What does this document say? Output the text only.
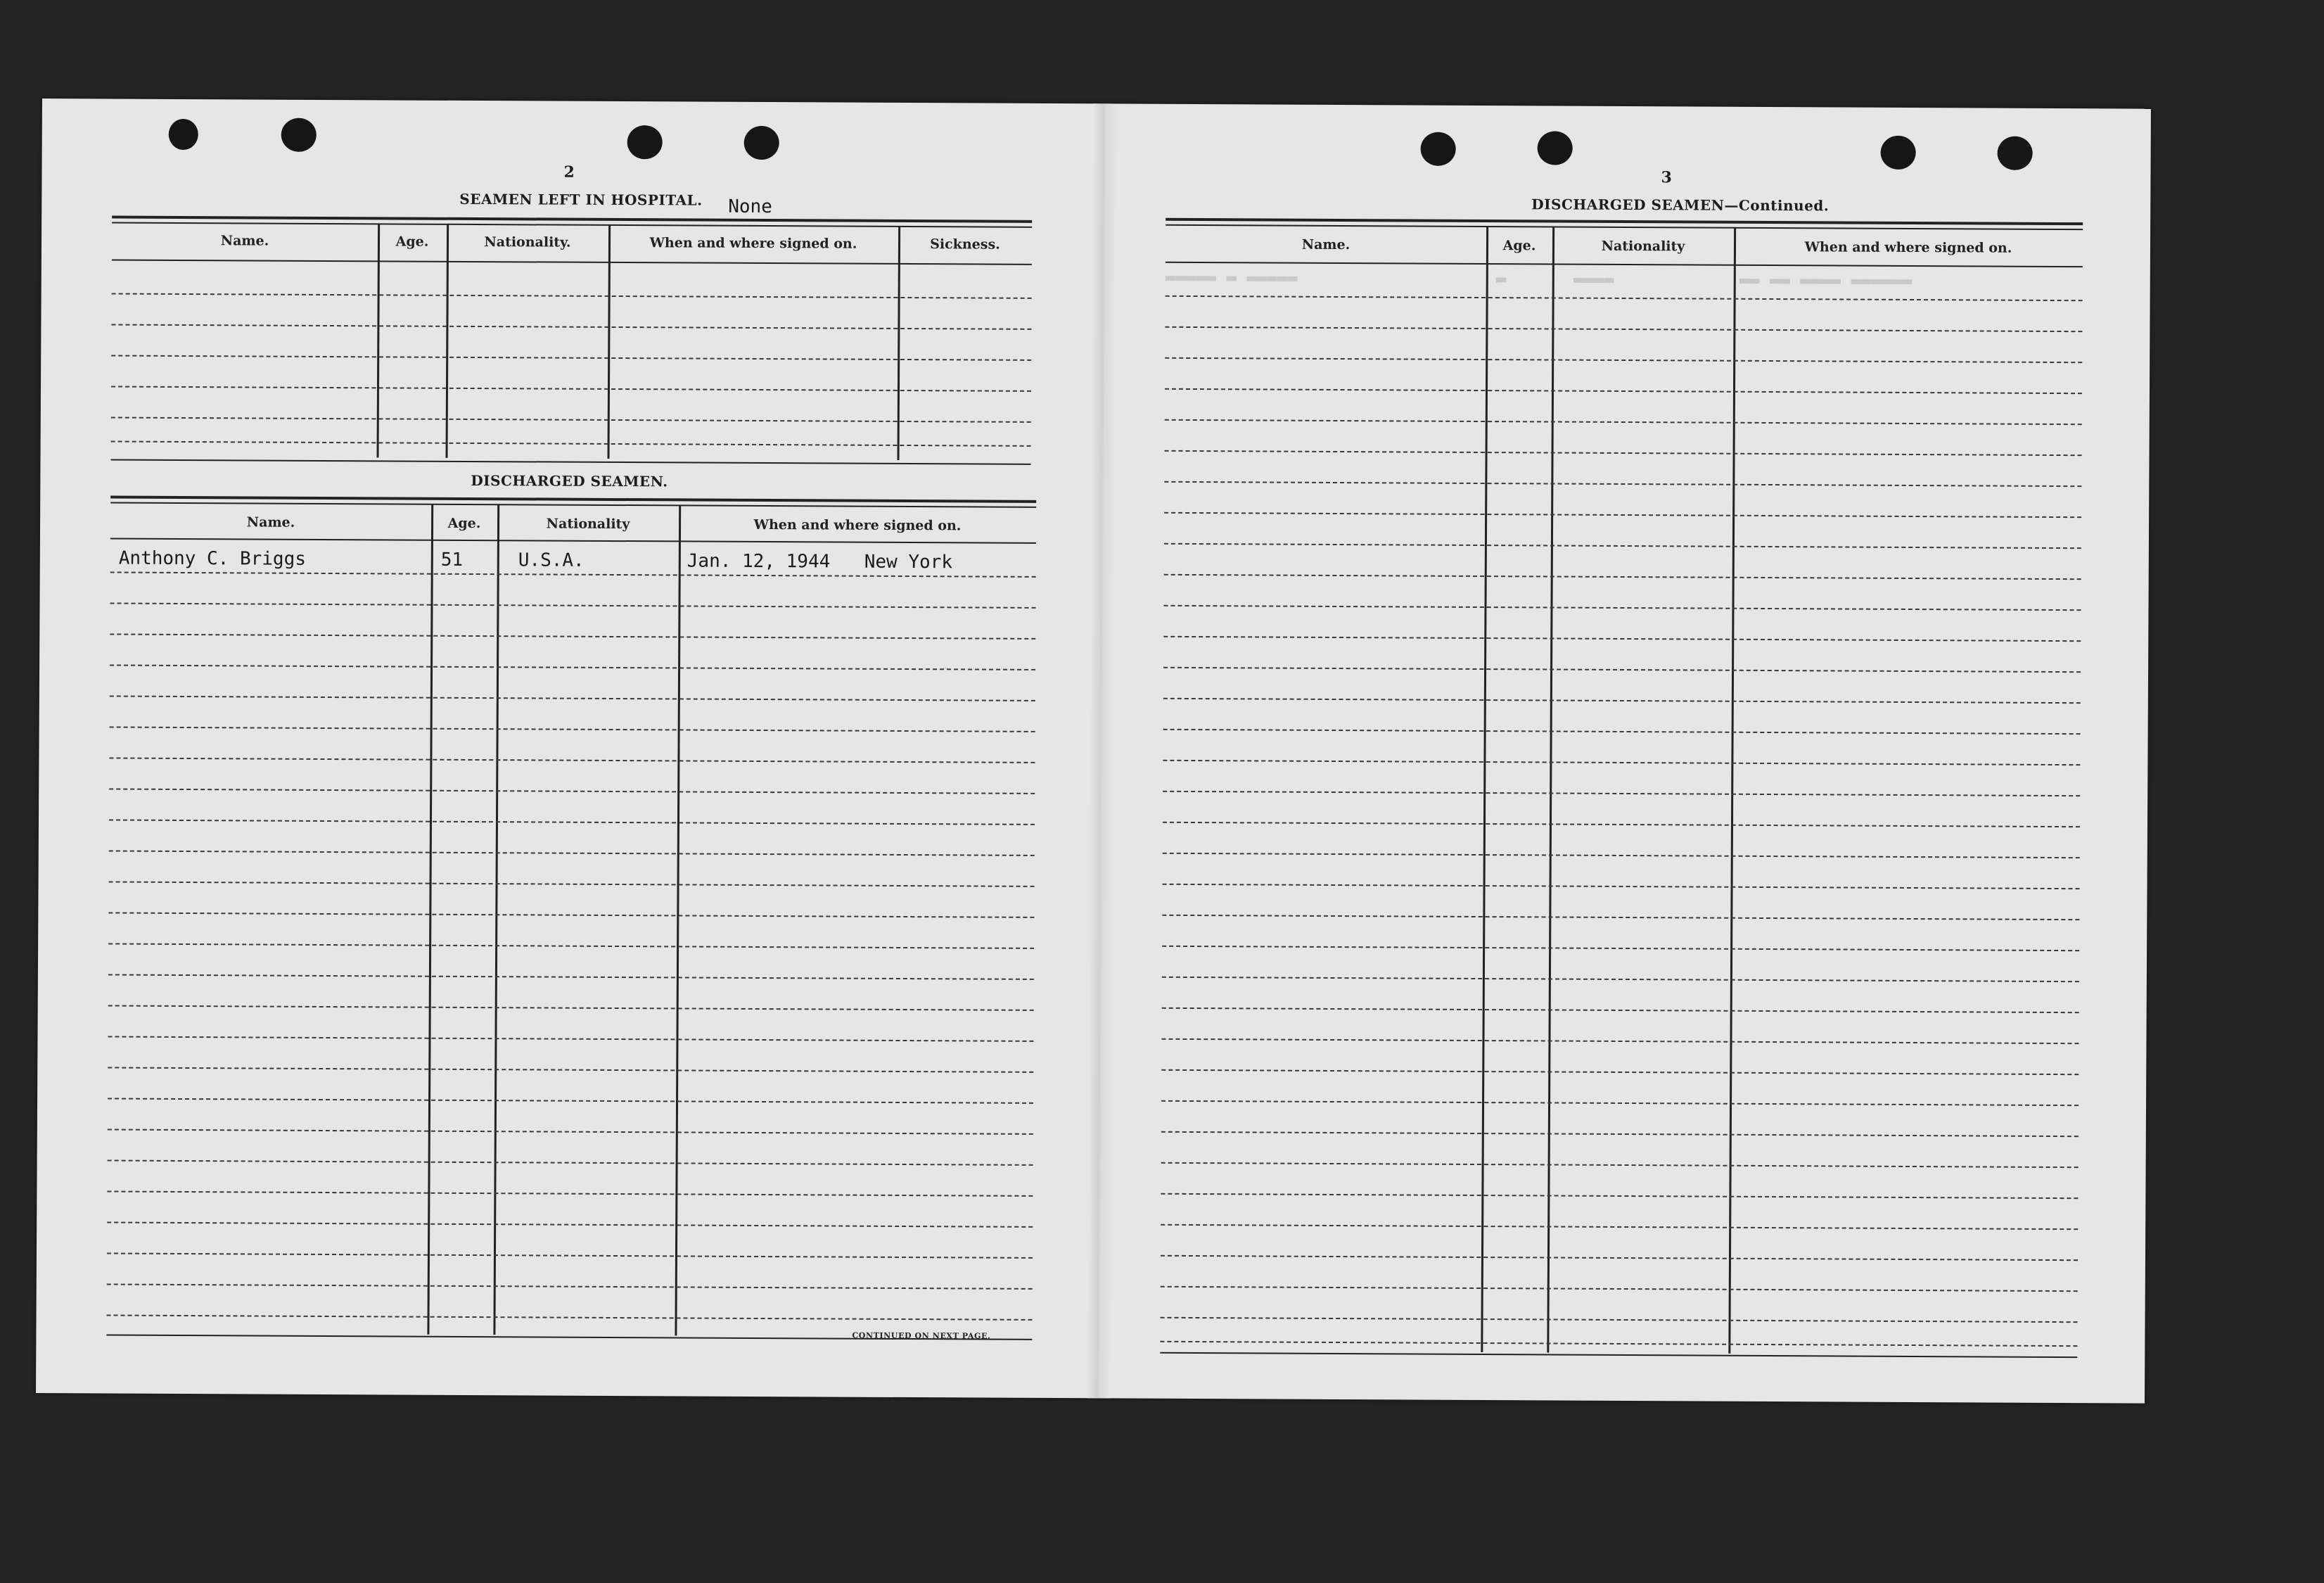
2
SEAMEN LEFT IN HOSPITAL. None
Name.	Age.	Nationality.	When and where signed on.	Sickness.
DISCHARGED SEAMEN.
Name.	Age.	Nationality	When and where signed on.
Anthony C. Briggs	51	U.S.A.	Jan. 12, 1944 New York
CONTINUED ON NEXT PAGE.
3
DISCHARGED SEAMEN—Continued.
Name.	Age.	Nationality	When and where signed on.
▬▬▬▬▬ ▬ ▬▬▬▬▬	▬	▬▬▬▬	▬▬ ▬▬ ▬▬▬▬ ▬▬▬▬▬▬
